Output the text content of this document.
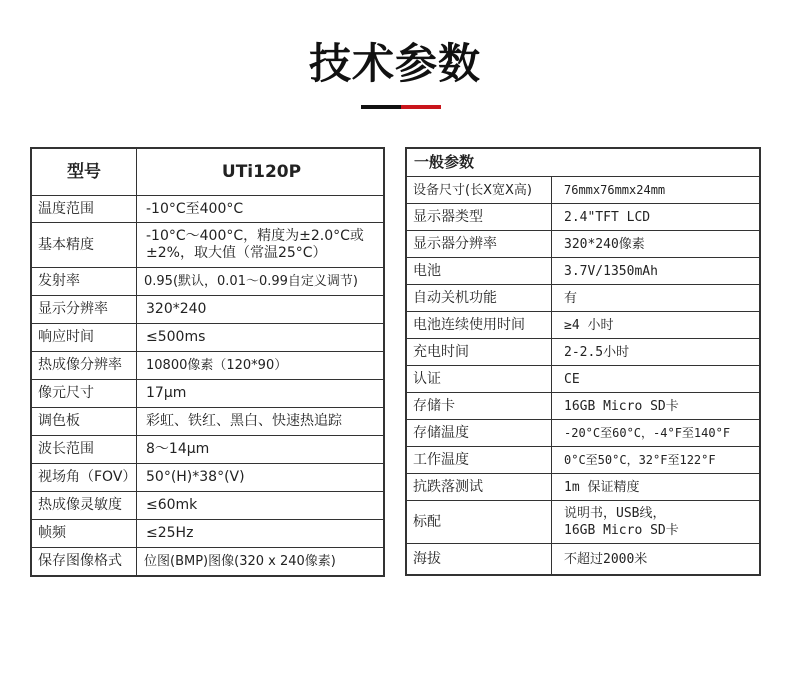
技术参数
型号	UTi120P
温度范围	-10°C至400°C
基本精度	-10°C～400°C，精度为±2.0°C或
±2%，取大值（常温25°C）

发射率	0.95(默认，0.01～0.99自定义调节)
显示分辨率	320*240
响应时间	≤500ms
热成像分辨率	10800像素（120*90）
像元尺寸	17μm
调色板	彩虹、铁红、黑白、快速热追踪
波长范围	8～14μm
视场角（FOV）	50°(H)*38°(V)
热成像灵敏度	≤60mk
帧频	≤25Hz
保存图像格式	位图(BMP)图像(320 x 240像素)
一般参数	
设备尺寸(长X宽X高)	76mmx76mmx24mm
显示器类型	2.4"TFT LCD
显示器分辨率	320*240像素
电池	3.7V/1350mAh
自动关机功能	有
电池连续使用时间	≥4 小时
充电时间	2-2.5小时
认证	CE
存储卡	16GB Micro SD卡
存储温度	-20°C至60°C，-4°F至140°F
工作温度	0°C至50°C，32°F至122°F
抗跌落测试	1m 保证精度
标配	说明书，USB线，
16GB Micro SD卡

海拔	不超过2000米
